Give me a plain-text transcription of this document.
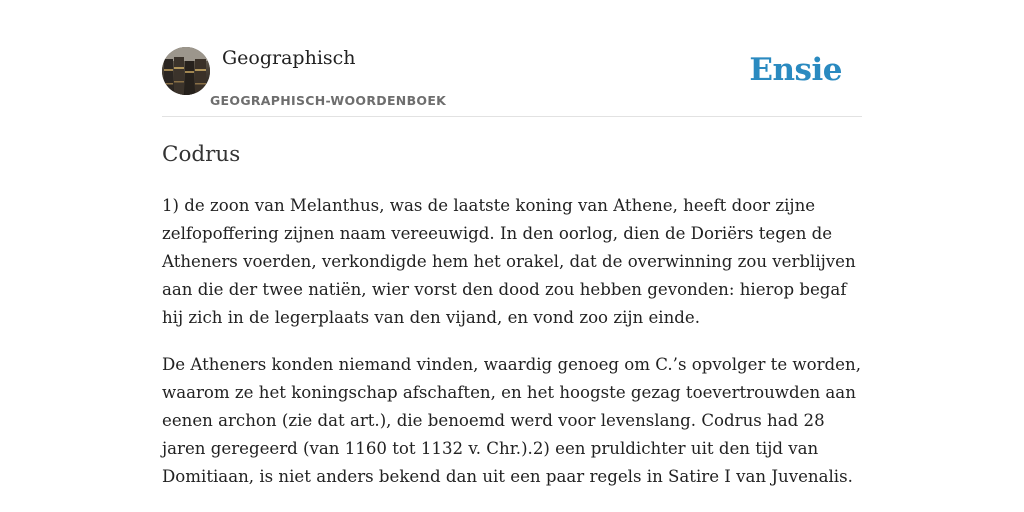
Geographisch
GEOGRAPHISCH-WOORDENBOEK
Ensie
Codrus

1) de zoon van Melanthus, was de laatste koning van Athene, heeft door zijne zelfopoffering zijnen naam vereeuwigd. In den oorlog, dien de Doriërs tegen de Atheners voerden, verkondigde hem het orakel, dat de overwinning zou verblijven aan die der twee natiën, wier vorst den dood zou hebben gevonden: hierop begaf hij zich in de legerplaats van den vijand, en vond zoo zijn einde.

De Atheners konden niemand vinden, waardig genoeg om C.’s opvolger te worden, waarom ze het koningschap afschaften, en het hoogste gezag toevertrouwden aan eenen archon (zie dat art.), die benoemd werd voor levenslang. Codrus had 28 jaren geregeerd (van 1160 tot 1132 v. Chr.).2) een pruldichter uit den tijd van Domitiaan, is niet anders bekend dan uit een paar regels in Satire I van Juvenalis.
